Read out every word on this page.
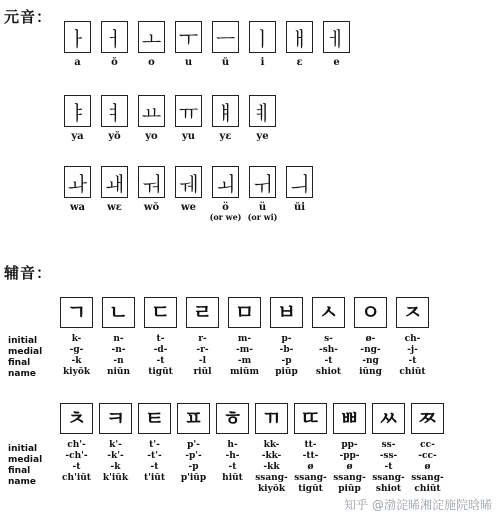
元音：
ㅏ
a
ㅓ
ŏ
ㅗ
o
ㅜ
u
ㅡ
ŭ
ㅣ
i
ㅐ
ɛ
ㅔ
e
ㅑ
ya
ㅕ
yŏ
ㅛ
yo
ㅠ
yu
ㅒ
yɛ
ㅖ
ye
ㅘ
wa
ㅙ
wɛ
ㅝ
wŏ
ㅞ
we
ㅚ
ö
(or we)
ㅟ
ü
(or wi)
ㅢ
ŭi
辅音：
initial
medial
final
name
ㄱ
k-
-g-
-k
kiyŏk
ㄴ
n-
-n-
-n
niŭn
ㄷ
t-
-d-
-t
tigŭt
ㄹ
r-
-r-
-l
riŭl
ㅁ
m-
-m-
-m
miŭm
ㅂ
p-
-b-
-p
piŭp
ㅅ
s-
-sh-
-t
shiot
ㅇ
ø-
-ng-
-ng
iŭng
ㅈ
ch-
-j-
-t
chiŭt
initial
medial
final
name
ㅊ
ch'-
-ch'-
-t
ch'iŭt
ㅋ
k'-
-k'-
-k
k'iŭk
ㅌ
t'-
-t'-
-t
t'iŭt
ㅍ
p'-
-p'-
-p
p'iŭp
ㅎ
h-
-h-
-t
hiŭt
ㄲ
kk-
-kk-
-kk
ssang-
kiyŏk
ㄸ
tt-
-tt-
ø
ssang-
tigŭt
ㅃ
pp-
-pp-
ø
ssang-
piŭp
ㅆ
ss-
-ss-
-t
ssang-
shiot
ㅉ
cc-
-cc-
ø
ssang-
chiŭt
知乎 @渤淀晞湘淀施院晗晞
